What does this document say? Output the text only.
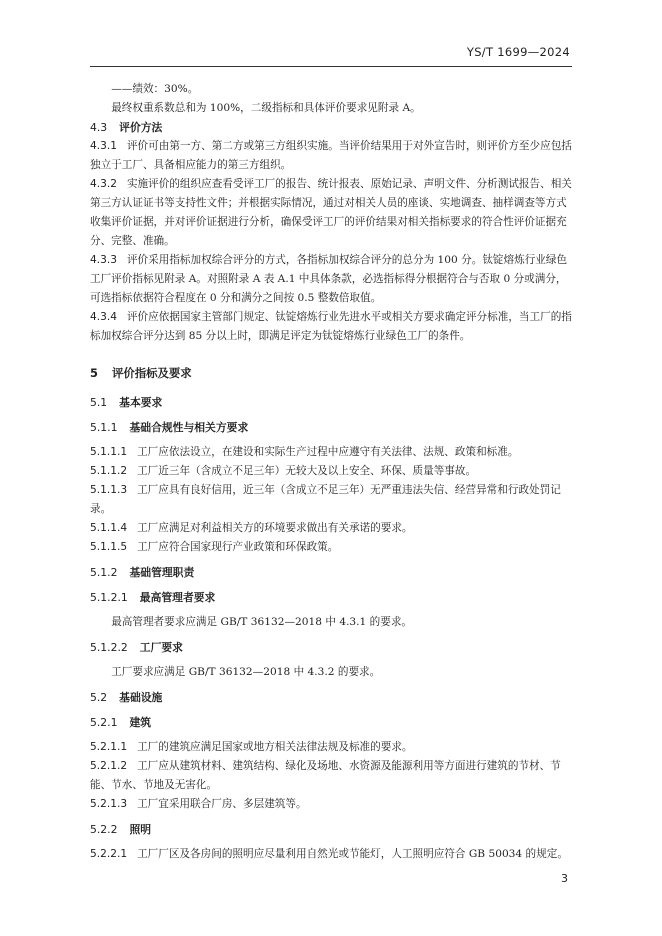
YS/T 1699—2024

——绩效：30%。

最终权重系数总和为 100%，二级指标和具体评价要求见附录 A。

4.3 评价方法

4.3.1 评价可由第一方、第二方或第三方组织实施。当评价结果用于对外宣告时，则评价方至少应包括独立于工厂、具备相应能力的第三方组织。

4.3.2 实施评价的组织应查看受评工厂的报告、统计报表、原始记录、声明文件、分析测试报告、相关第三方认证证书等支持性文件；并根据实际情况，通过对相关人员的座谈、实地调查、抽样调查等方式收集评价证据，并对评价证据进行分析，确保受评工厂的评价结果对相关指标要求的符合性评价证据充分、完整、准确。

4.3.3 评价采用指标加权综合评分的方式，各指标加权综合评分的总分为 100 分。钛锭熔炼行业绿色工厂评价指标见附录 A。对照附录 A 表 A.1 中具体条款，必选指标得分根据符合与否取 0 分或满分，可选指标依据符合程度在 0 分和满分之间按 0.5 整数倍取值。

4.3.4 评价应依据国家主管部门规定、钛锭熔炼行业先进水平或相关方要求确定评分标准，当工厂的指标加权综合评分达到 85 分以上时，即满足评定为钛锭熔炼行业绿色工厂的条件。

5 评价指标及要求

5.1 基本要求

5.1.1 基础合规性与相关方要求

5.1.1.1 工厂应依法设立，在建设和实际生产过程中应遵守有关法律、法规、政策和标准。

5.1.1.2 工厂近三年（含成立不足三年）无较大及以上安全、环保、质量等事故。

5.1.1.3 工厂应具有良好信用，近三年（含成立不足三年）无严重违法失信、经营异常和行政处罚记录。

5.1.1.4 工厂应满足对利益相关方的环境要求做出有关承诺的要求。

5.1.1.5 工厂应符合国家现行产业政策和环保政策。

5.1.2 基础管理职责

5.1.2.1 最高管理者要求

最高管理者要求应满足 GB/T 36132—2018 中 4.3.1 的要求。

5.1.2.2 工厂要求

工厂要求应满足 GB/T 36132—2018 中 4.3.2 的要求。

5.2 基础设施

5.2.1 建筑

5.2.1.1 工厂的建筑应满足国家或地方相关法律法规及标准的要求。

5.2.1.2 工厂应从建筑材料、建筑结构、绿化及场地、水资源及能源利用等方面进行建筑的节材、节能、节水、节地及无害化。

5.2.1.3 工厂宜采用联合厂房、多层建筑等。

5.2.2 照明

5.2.2.1 工厂厂区及各房间的照明应尽量利用自然光或节能灯，人工照明应符合 GB 50034 的规定。

3
